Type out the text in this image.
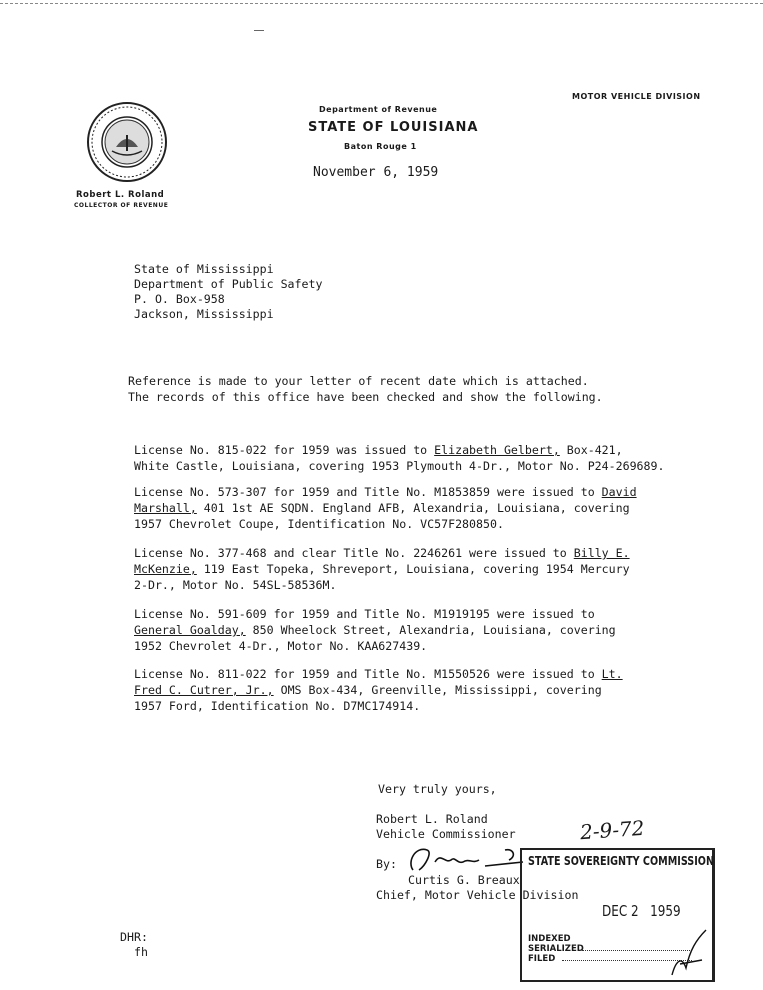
Robert L. Roland
COLLECTOR OF REVENUE
Department of Revenue
STATE OF LOUISIANA
Baton Rouge 1
November 6, 1959
MOTOR VEHICLE DIVISION
State of Mississippi
Department of Public Safety
P. O. Box-958
Jackson, Mississippi
Reference is made to your letter of recent date which is attached.
The records of this office have been checked and show the following.

License No. 815-022 for 1959 was issued to Elizabeth Gelbert, Box-421,
White Castle, Louisiana, covering 1953 Plymouth 4-Dr., Motor No. P24-269689.

License No. 573-307 for 1959 and Title No. M1853859 were issued to David
Marshall, 401 1st AE SQDN. England AFB, Alexandria, Louisiana, covering
1957 Chevrolet Coupe, Identification No. VC57F280850.

License No. 377-468 and clear Title No. 2246261 were issued to Billy E.
McKenzie, 119 East Topeka, Shreveport, Louisiana, covering 1954 Mercury
2-Dr., Motor No. 54SL-58536M.

License No. 591-609 for 1959 and Title No. M1919195 were issued to
General Goalday, 850 Wheelock Street, Alexandria, Louisiana, covering
1952 Chevrolet 4-Dr., Motor No. KAA627439.

License No. 811-022 for 1959 and Title No. M1550526 were issued to Lt.
Fred C. Cutrer, Jr., OMS Box-434, Greenville, Mississippi, covering
1957 Ford, Identification No. D7MC174914.

Very truly yours,
Robert L. Roland
Vehicle Commissioner
By:
Curtis G. Breaux
Chief, Motor Vehicle Division
2-9-72
DHR:
fh
STATE SOVEREIGNTY COMMISSION
DEC 2   1959
INDEXED
SERIALIZED
FILED
